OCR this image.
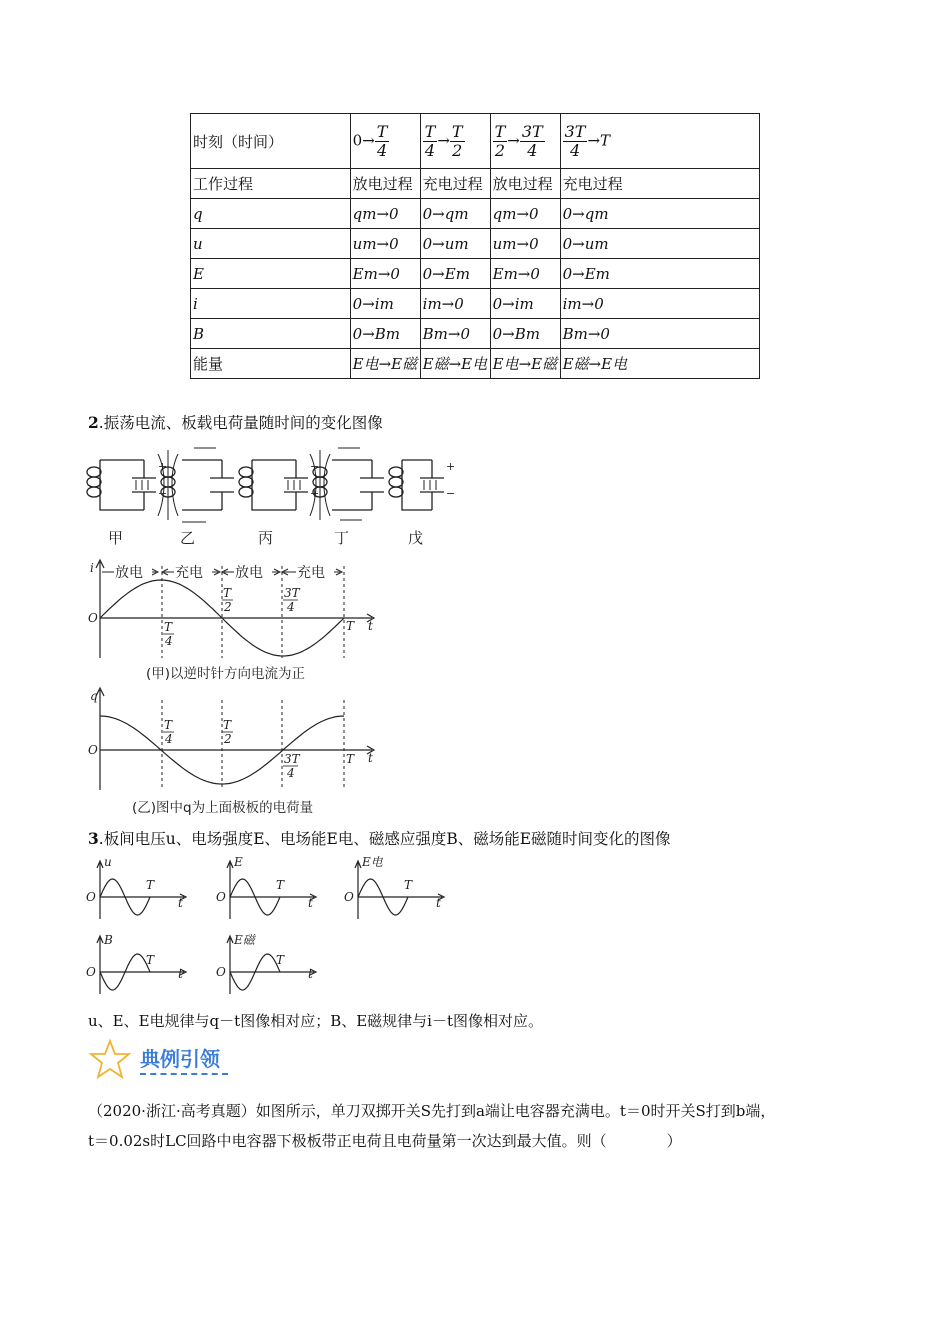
时刻（时间）	$0\to \frac{T}{4}$	$\frac{T}{4} \to \frac{T}{2}$	$\frac{T}{2} \to \frac{3T}{4}$	$\frac{3T}{4} \to T$
工作过程	放电过程	充电过程	放电过程	充电过程
q	qm→0	0→qm	qm→0	0→qm
u	um→0	0→um	um→0	0→um
E	Em→0	0→Em	Em→0	0→Em
i	0→im	im→0	0→im	im→0
B	0→Bm	Bm→0	0→Bm	Bm→0
能量	E电→E磁	E磁→E电	E电→E磁	E磁→E电
2.振荡电流、板载电荷量随时间的变化图像
+
−
−
+
+
−
甲	乙	丙	丁	戊
放电 充电 放电 充电
i
O
t
T
4
T
2
3T
4
T
(甲)以逆时针方向电流为正
q
O
t
T
4
T
2
3T
4
T
(乙)图中q为上面极板的电荷量
3.板间电压u、电场强度E、电场能E电、磁感应强度B、磁场能E磁随时间变化的图像
u
O
T
t
E
O
T
t
E电
O
T
t
B
O
T
t
E磁
O
T
t
u、E、E电规律与q－t图像相对应；B、E磁规律与i－t图像相对应。
典例引领
（2020·浙江·高考真题）如图所示，单刀双掷开关S先打到a端让电容器充满电。t＝0时开关S打到b端，
t＝0.02s时LC回路中电容器下极板带正电荷且电荷量第一次达到最大值。则（　　　　）
